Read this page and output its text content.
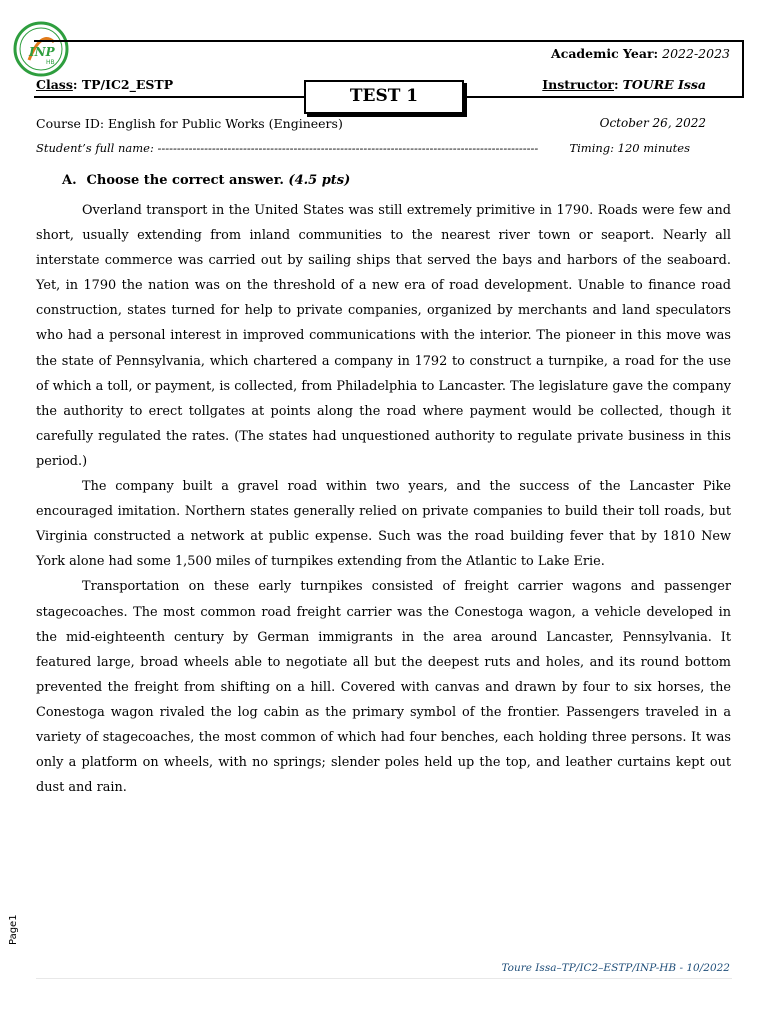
INP
HB
Academic Year: 2022-2023
Class: TP/IC2_ESTP
TEST 1
Instructor: TOURE Issa
Course ID: English for Public Works (Engineers)	October 26, 2022
Student’s full name: --------------------------------------------------------------------------------------------------	Timing: 120 minutes
A. Choose the correct answer. (4.5 pts)

Overland transport in the United States was still extremely primitive in 1790. Roads were few and short, usually extending from inland communities to the nearest river town or seaport. Nearly all interstate commerce was carried out by sailing ships that served the bays and harbors of the seaboard. Yet, in 1790 the nation was on the threshold of a new era of road development. Unable to finance road construction, states turned for help to private companies, organized by merchants and land speculators who had a personal interest in improved communications with the interior. The pioneer in this move was the state of Pennsylvania, which chartered a company in 1792 to construct a turnpike, a road for the use of which a toll, or payment, is collected, from Philadelphia to Lancaster. The legislature gave the company the authority to erect tollgates at points along the road where payment would be collected, though it carefully regulated the rates. (The states had unquestioned authority to regulate private business in this period.)

The company built a gravel road within two years, and the success of the Lancaster Pike encouraged imitation. Northern states generally relied on private companies to build their toll roads, but Virginia constructed a network at public expense. Such was the road building fever that by 1810 New York alone had some 1,500 miles of turnpikes extending from the Atlantic to Lake Erie.

Transportation on these early turnpikes consisted of freight carrier wagons and passenger stagecoaches. The most common road freight carrier was the Conestoga wagon, a vehicle developed in the mid-eighteenth century by German immigrants in the area around Lancaster, Pennsylvania. It featured large, broad wheels able to negotiate all but the deepest ruts and holes, and its round bottom prevented the freight from shifting on a hill. Covered with canvas and drawn by four to six horses, the Conestoga wagon rivaled the log cabin as the primary symbol of the frontier. Passengers traveled in a variety of stagecoaches, the most common of which had four benches, each holding three persons. It was only a platform on wheels, with no springs; slender poles held up the top, and leather curtains kept out dust and rain.

Page1
Toure Issa–TP/IC2–ESTP/INP-HB - 10/2022
